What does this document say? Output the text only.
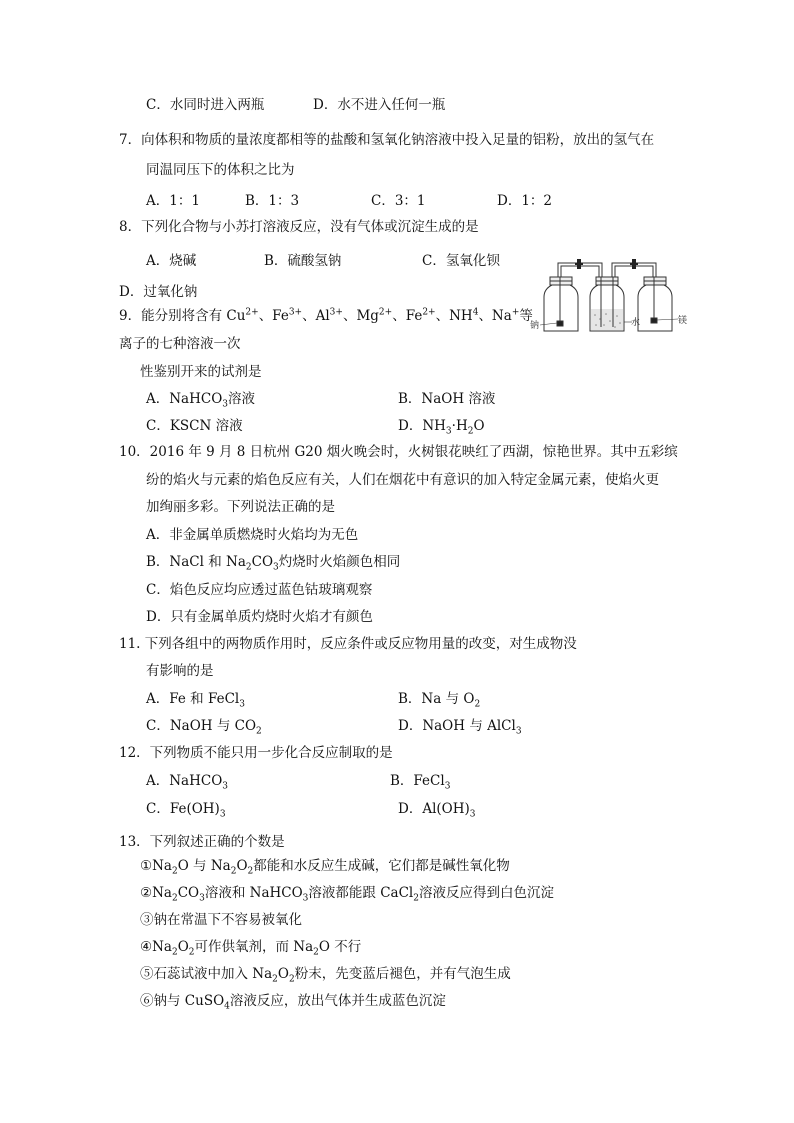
C．水同时进入两瓶	D．水不进入任何一瓶
7．向体积和物质的量浓度都相等的盐酸和氢氧化钠溶液中投入足量的铝粉，放出的氢气在
同温同压下的体积之比为
A．1：1	B．1：3	C．3：1	D．1：2
8．下列化合物与小苏打溶液反应，没有气体或沉淀生成的是
A．烧碱	B．硫酸氢钠	C．氢氧化钡
D．过氧化钠
9．能分别将含有 $Cu^{2+}$、$Fe^{3+}$、$Al^{3+}$、$Mg^{2+}$、$Fe^{2+}$、$NH^4$、Na+等
离子的七种溶液一次
性鉴别开来的试剂是
A．NaHCO$_3$溶液	B．NaOH 溶液
C．KSCN 溶液	D．$NH_3\cdot H_2O$
钠	水	镁
10．2016 年 9 月 8 日杭州 G20 烟火晚会时，火树银花映红了西湖，惊艳世界。其中五彩缤
纷的焰火与元素的焰色反应有关，人们在烟花中有意识的加入特定金属元素，使焰火更
加绚丽多彩。下列说法正确的是
A．非金属单质燃烧时火焰均为无色
B．NaCl 和 $Na_2CO_3$灼烧时火焰颜色相同
C．焰色反应均应透过蓝色钴玻璃观察
D．只有金属单质灼烧时火焰才有颜色
11. 下列各组中的两物质作用时，反应条件或反应物用量的改变，对生成物没
有影响的是
A．Fe 和 FeCl$_3$	B．Na 与 $O_2$
C．NaOH 与 $CO_2$	D．NaOH 与 AlCl$_3$
12．下列物质不能只用一步化合反应制取的是
A．NaHCO$_3$	B．FeCl$_3$
C．$Fe(OH)_3$	D．$Al(OH)_3$
13．下列叙述正确的个数是
$①Na_2O$ 与 $Na_2O_2$都能和水反应生成碱，它们都是碱性氧化物
$②Na_2CO_3$溶液和 NaHCO$_3$溶液都能跟 CaCl$_2$溶液反应得到白色沉淀
③钠在常温下不容易被氧化
$④Na_2O_2$可作供氧剂，而 $Na_2O$ 不行
⑤石蕊试液中加入 $Na_2O_2$粉末，先变蓝后褪色，并有气泡生成
⑥钠与 CuSO$_4$溶液反应，放出气体并生成蓝色沉淀
